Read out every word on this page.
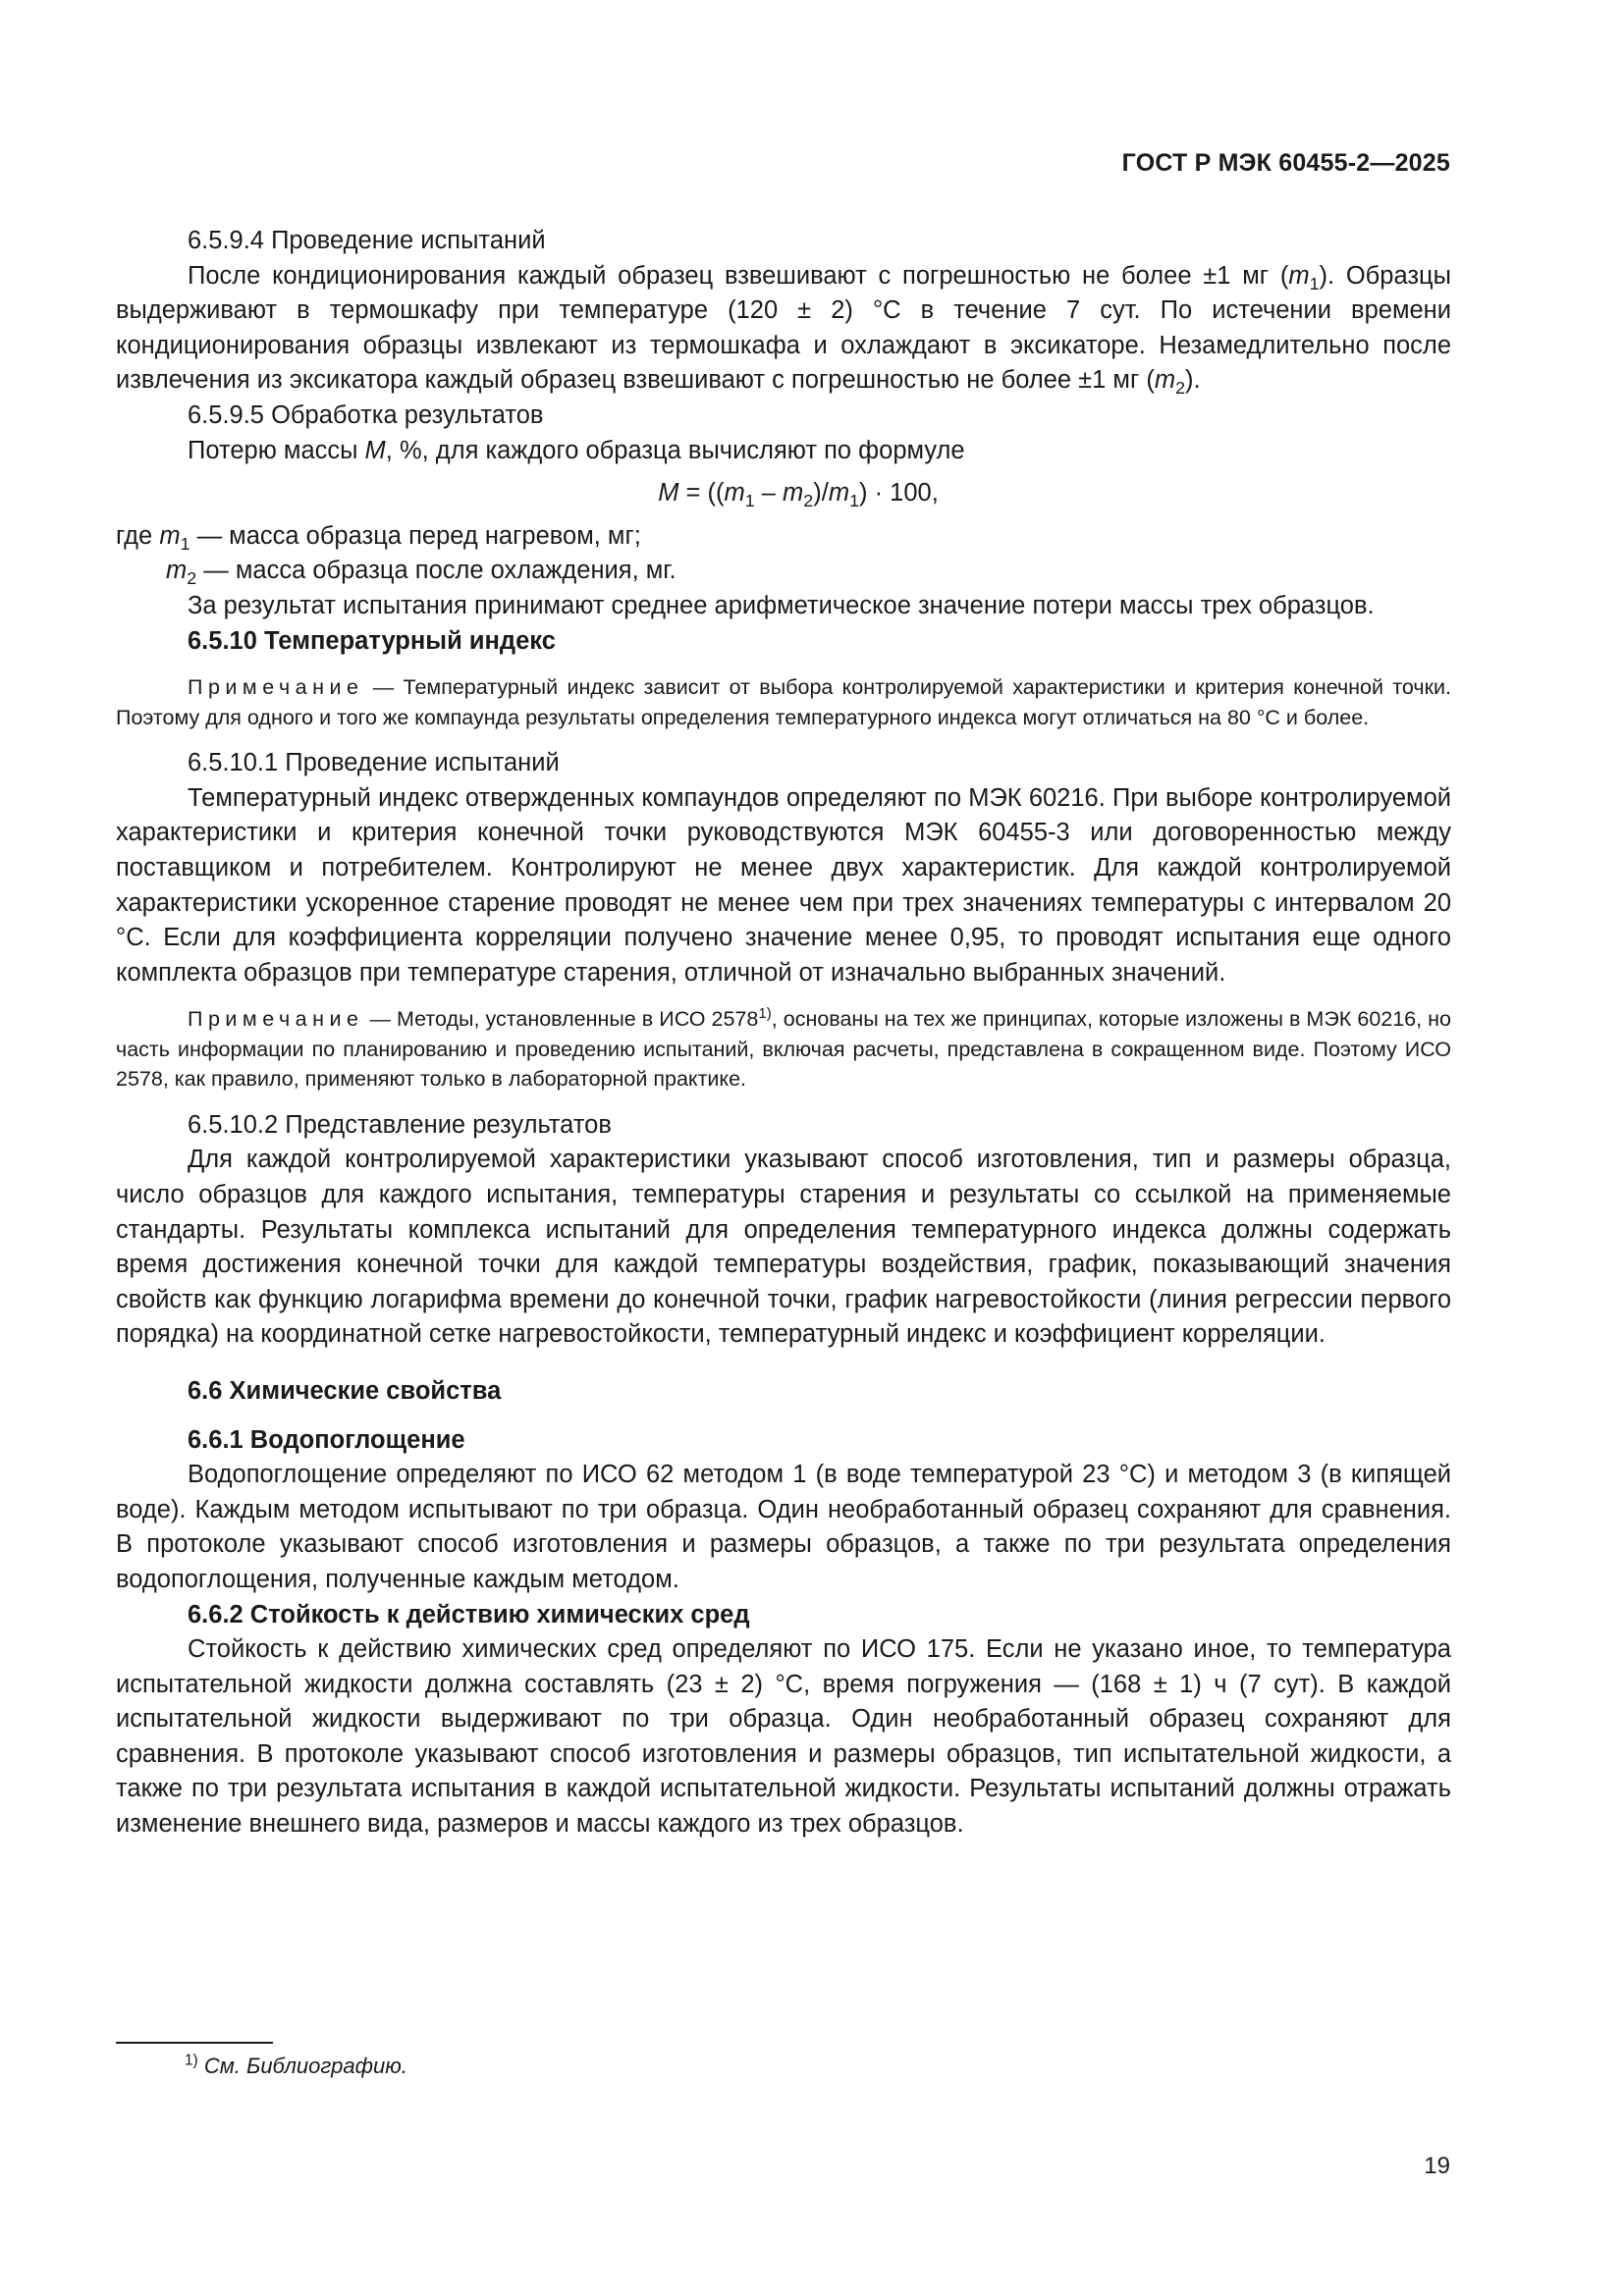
ГОСТ Р МЭК 60455-2—2025

6.5.9.4 Проведение испытаний

После кондиционирования каждый образец взвешивают с погрешностью не более ±1 мг $(m_1)$. Образцы выдерживают в термошкафу при температуре (120 ± 2) °С в течение 7 сут. По истечении времени кондиционирования образцы извлекают из термошкафа и охлаждают в эксикаторе. Незамедлительно после извлечения из эксикатора каждый образец взвешивают с погрешностью не более ±1 мг $(m_2)$.

6.5.9.5 Обработка результатов

Потерю массы M, %, для каждого образца вычисляют по формуле

$M = ((m_1 - m_2)/m_1) \cdot 100$,

где $m_1$ — масса образца перед нагревом, мг;

$m_2$ — масса образца после охлаждения, мг.

За результат испытания принимают среднее арифметическое значение потери массы трех образцов.

6.5.10 Температурный индекс

Примечание — Температурный индекс зависит от выбора контролируемой характеристики и критерия конечной точки. Поэтому для одного и того же компаунда результаты определения температурного индекса могут отличаться на 80 °С и более.

6.5.10.1 Проведение испытаний

Температурный индекс отвержденных компаундов определяют по МЭК 60216. При выборе контролируемой характеристики и критерия конечной точки руководствуются МЭК 60455-3 или договоренностью между поставщиком и потребителем. Контролируют не менее двух характеристик. Для каждой контролируемой характеристики ускоренное старение проводят не менее чем при трех значениях температуры с интервалом 20 °С. Если для коэффициента корреляции получено значение менее 0,95, то проводят испытания еще одного комплекта образцов при температуре старения, отличной от изначально выбранных значений.

Примечание — Методы, установленные в ИСО 2578$^{1)}$, основаны на тех же принципах, которые изложены в МЭК 60216, но часть информации по планированию и проведению испытаний, включая расчеты, представлена в сокращенном виде. Поэтому ИСО 2578, как правило, применяют только в лабораторной практике.

6.5.10.2 Представление результатов

Для каждой контролируемой характеристики указывают способ изготовления, тип и размеры образца, число образцов для каждого испытания, температуры старения и результаты со ссылкой на применяемые стандарты. Результаты комплекса испытаний для определения температурного индекса должны содержать время достижения конечной точки для каждой температуры воздействия, график, показывающий значения свойств как функцию логарифма времени до конечной точки, график нагревостойкости (линия регрессии первого порядка) на координатной сетке нагревостойкости, температурный индекс и коэффициент корреляции.

6.6 Химические свойства

6.6.1 Водопоглощение

Водопоглощение определяют по ИСО 62 методом 1 (в воде температурой 23 °С) и методом 3 (в кипящей воде). Каждым методом испытывают по три образца. Один необработанный образец сохраняют для сравнения. В протоколе указывают способ изготовления и размеры образцов, а также по три результата определения водопоглощения, полученные каждым методом.

6.6.2 Стойкость к действию химических сред

Стойкость к действию химических сред определяют по ИСО 175. Если не указано иное, то температура испытательной жидкости должна составлять (23 ± 2) °С, время погружения — (168 ± 1) ч (7 сут). В каждой испытательной жидкости выдерживают по три образца. Один необработанный образец сохраняют для сравнения. В протоколе указывают способ изготовления и размеры образцов, тип испытательной жидкости, а также по три результата испытания в каждой испытательной жидкости. Результаты испытаний должны отражать изменение внешнего вида, размеров и массы каждого из трех образцов.

$^{1)}$ См. Библиографию.
19
